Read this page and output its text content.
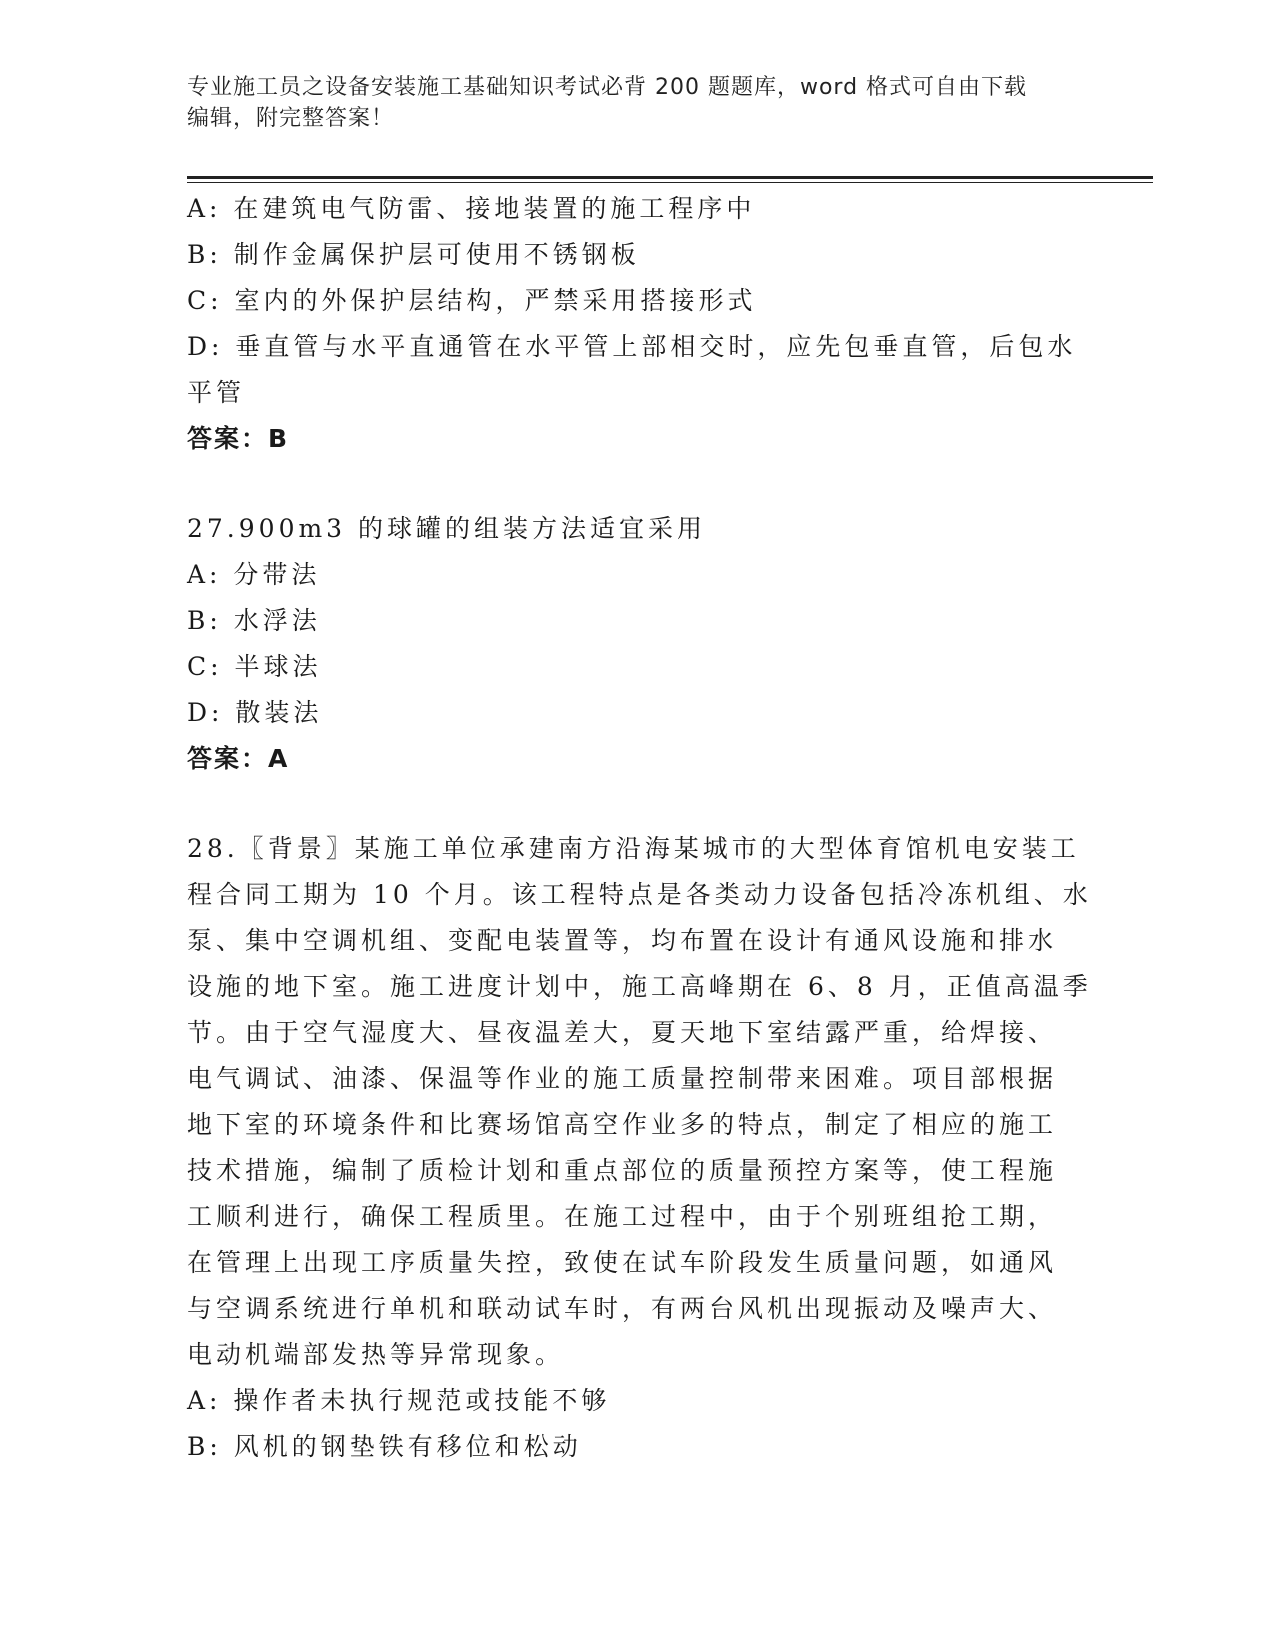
专业施工员之设备安装施工基础知识考试必背 200 题题库，word 格式可自由下载
编辑，附完整答案！

A: 在建筑电气防雷、接地装置的施工程序中

B: 制作金属保护层可使用不锈钢板

C: 室内的外保护层结构，严禁采用搭接形式

D: 垂直管与水平直通管在水平管上部相交时，应先包垂直管，后包水

平管

答案：B

27.900m3 的球罐的组装方法适宜采用

A: 分带法

B: 水浮法

C: 半球法

D: 散装法

答案：A

28.〖背景〗某施工单位承建南方沿海某城市的大型体育馆机电安装工

程合同工期为 10 个月。该工程特点是各类动力设备包括冷冻机组、水

泵、集中空调机组、变配电装置等，均布置在设计有通风设施和排水

设施的地下室。施工进度计划中，施工高峰期在 6、8 月，正值高温季

节。由于空气湿度大、昼夜温差大，夏天地下室结露严重，给焊接、

电气调试、油漆、保温等作业的施工质量控制带来困难。项目部根据

地下室的环境条件和比赛场馆高空作业多的特点，制定了相应的施工

技术措施，编制了质检计划和重点部位的质量预控方案等，使工程施

工顺利进行，确保工程质里。在施工过程中，由于个别班组抢工期，

在管理上出现工序质量失控，致使在试车阶段发生质量问题，如通风

与空调系统进行单机和联动试车时，有两台风机出现振动及噪声大、

电动机端部发热等异常现象。

A: 操作者未执行规范或技能不够

B: 风机的钢垫铁有移位和松动
